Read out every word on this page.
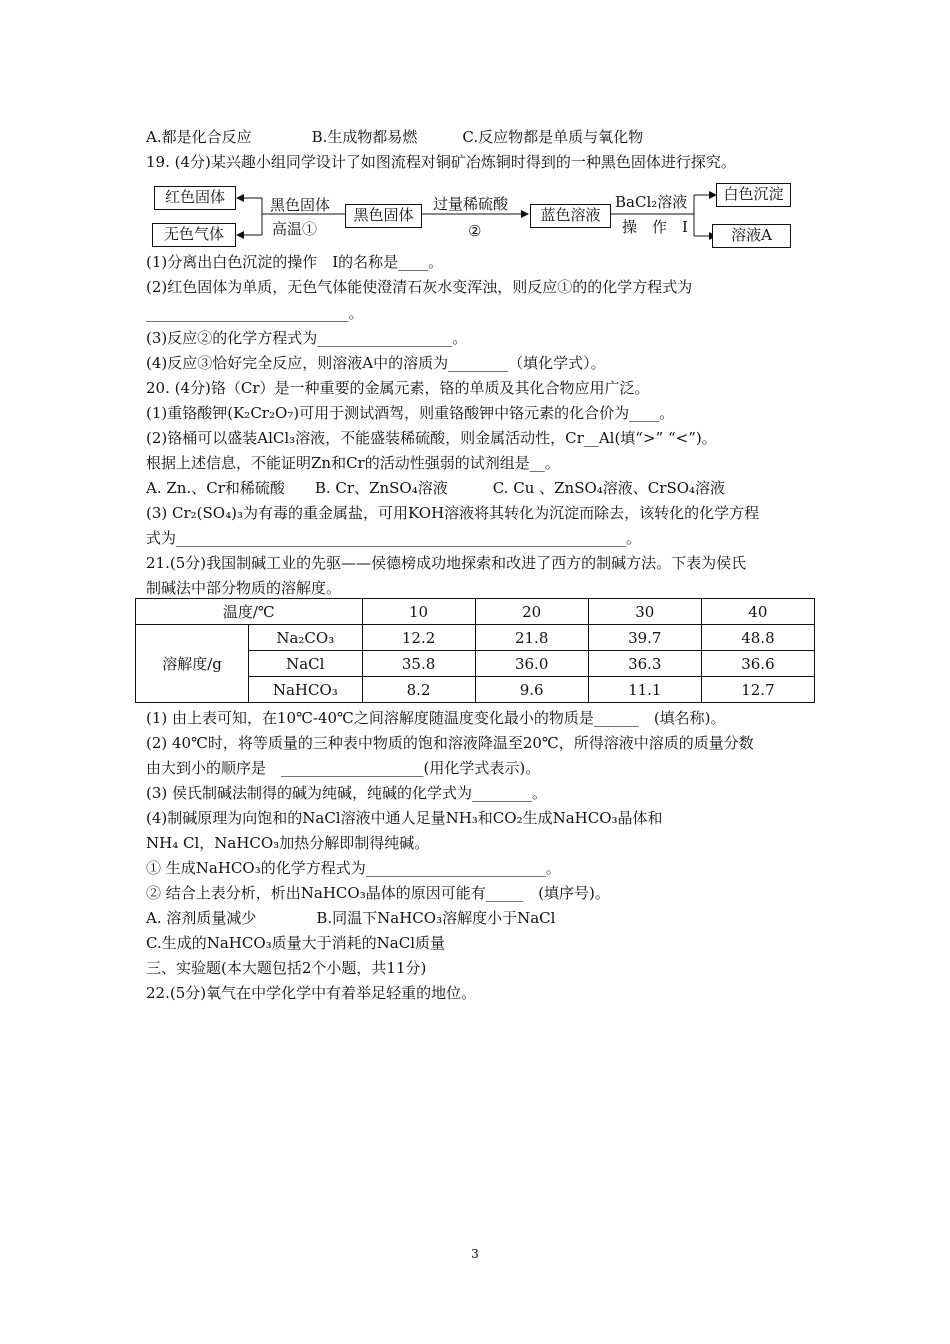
A.都是化合反应　　　　B.生成物都易燃　　　C.反应物都是单质与氧化物
19. (4分)某兴趣小组同学设计了如图流程对铜矿冶炼铜时得到的一种黑色固体进行探究。
(1)分离出白色沉淀的操作　I的名称是____。
(2)红色固体为单质，无色气体能使澄清石灰水变浑浊，则反应①的的化学方程式为
___________________________。
(3)反应②的化学方程式为__________________。
(4)反应③恰好完全反应，则溶液A中的溶质为________（填化学式）。
20. (4分)铬（Cr）是一种重要的金属元素，铬的单质及其化合物应用广泛。
(1)重铬酸钾(K₂Cr₂O₇)可用于测试酒驾，则重铬酸钾中铬元素的化合价为____。
(2)铬桶可以盛装AlCl₃溶液，不能盛装稀硫酸，则金属活动性，Cr__Al(填“>” “<”)。
根据上述信息，不能证明Zn和Cr的活动性强弱的试剂组是__。
A. Zn.、Cr和稀硫酸　　B. Cr、ZnSO₄溶液　　　C. Cu 、ZnSO₄溶液、CrSO₄溶液
(3) Cr₂(SO₄)₃为有毒的重金属盐，可用KOH溶液将其转化为沉淀而除去，该转化的化学方程
式为____________________________________________________________。
21.(5分)我国制碱工业的先驱——侯德榜成功地探索和改进了西方的制碱方法。下表为侯氏
制碱法中部分物质的溶解度。
(1) 由上表可知，在10℃-40℃之间溶解度随温度变化最小的物质是______　(填名称)。
(2) 40℃时，将等质量的三种表中物质的饱和溶液降温至20℃，所得溶液中溶质的质量分数
由大到小的顺序是　___________________(用化学式表示)。
(3) 侯氏制碱法制得的碱为纯碱，纯碱的化学式为________。
(4)制碱原理为向饱和的NaCl溶液中通人足量NH₃和CO₂生成NaHCO₃晶体和
NH₄ Cl，NaHCO₃加热分解即制得纯碱。
① 生成NaHCO₃的化学方程式为________________________。
② 结合上表分析，析出NaHCO₃晶体的原因可能有_____　(填序号)。
A. 溶剂质量减少　　　　B.同温下NaHCO₃溶解度小于NaCl
C.生成的NaHCO₃质量大于消耗的NaCl质量
三、实验题(本大题包括2个小题，共11分)
22.(5分)氧气在中学化学中有着举足轻重的地位。
红色固体
无色气体
黑色固体
高温①
黑色固体
过量稀硫酸
②
蓝色溶液
BaCl₂溶液
操　作　I
白色沉淀
溶液A
温度/℃		10	20	30	40
溶解度/g	Na₂CO₃	12.2	21.8	39.7	48.8
	NaCl	35.8	36.0	36.3	36.6
	NaHCO₃	8.2	9.6	11.1	12.7
3
